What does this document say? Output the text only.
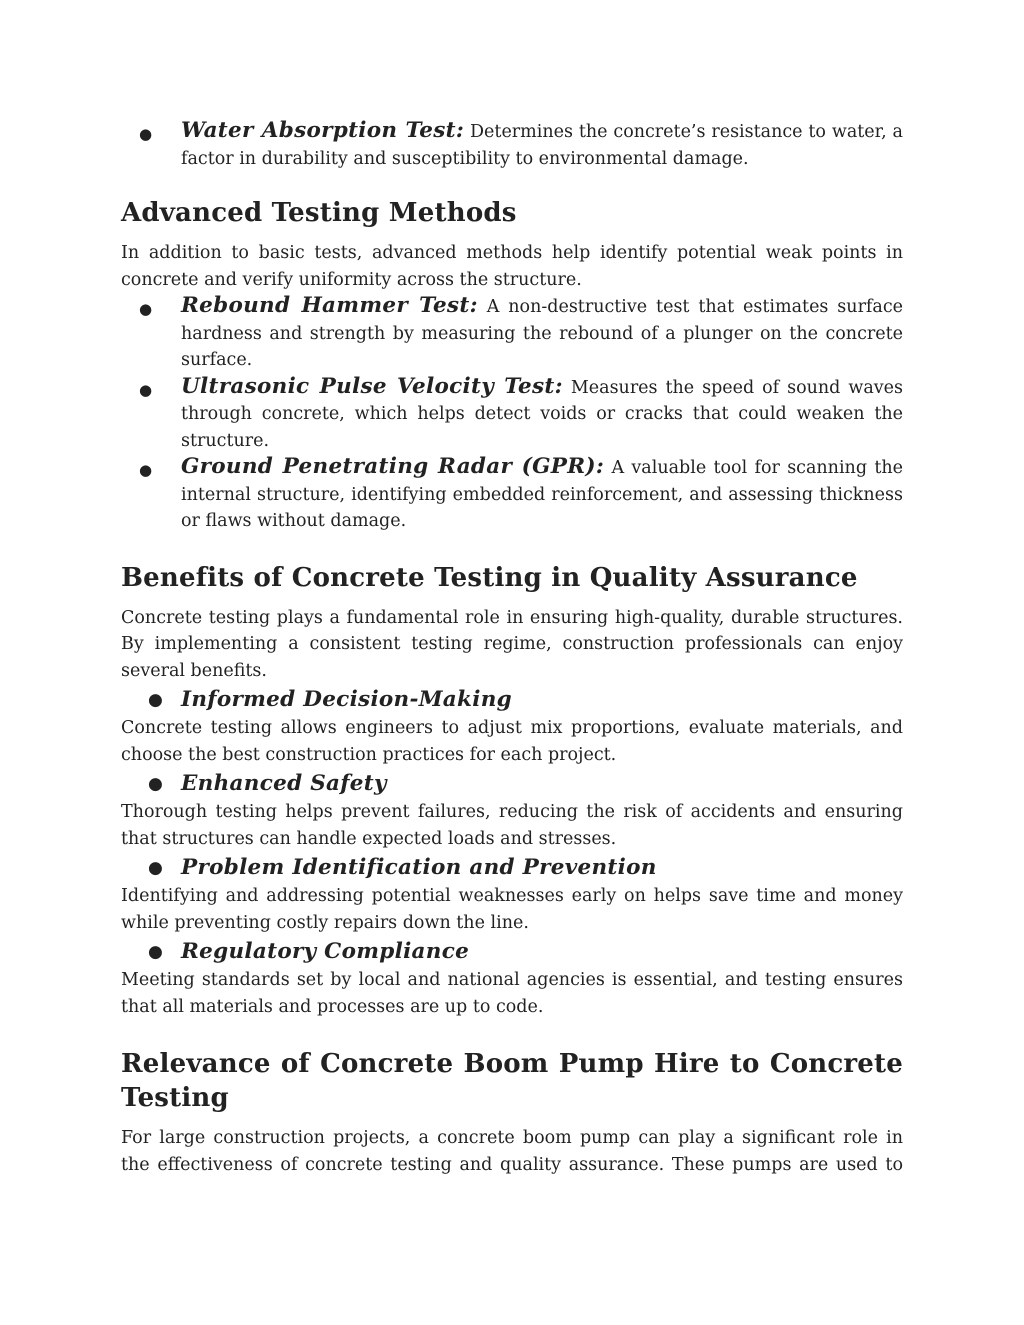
● Water Absorption Test: Determines the concrete’s resistance to water, a factor in durability and susceptibility to environmental damage.

Advanced Testing Methods

In addition to basic tests, advanced methods help identify potential weak points in concrete and verify uniformity across the structure.

● Rebound Hammer Test: A non-destructive test that estimates surface hardness and strength by measuring the rebound of a plunger on the concrete surface.

● Ultrasonic Pulse Velocity Test: Measures the speed of sound waves through concrete, which helps detect voids or cracks that could weaken the structure.

● Ground Penetrating Radar (GPR): A valuable tool for scanning the internal structure, identifying embedded reinforcement, and assessing thickness or flaws without damage.

Benefits of Concrete Testing in Quality Assurance

Concrete testing plays a fundamental role in ensuring high-quality, durable structures. By implementing a consistent testing regime, construction professionals can enjoy several benefits.

● Informed Decision-Making

Concrete testing allows engineers to adjust mix proportions, evaluate materials, and choose the best construction practices for each project.

● Enhanced Safety

Thorough testing helps prevent failures, reducing the risk of accidents and ensuring that structures can handle expected loads and stresses.

● Problem Identification and Prevention

Identifying and addressing potential weaknesses early on helps save time and money while preventing costly repairs down the line.

● Regulatory Compliance

Meeting standards set by local and national agencies is essential, and testing ensures that all materials and processes are up to code.

Relevance of Concrete Boom Pump Hire to Concrete Testing

For large construction projects, a concrete boom pump can play a significant role in the effectiveness of concrete testing and quality assurance. These pumps are used to
